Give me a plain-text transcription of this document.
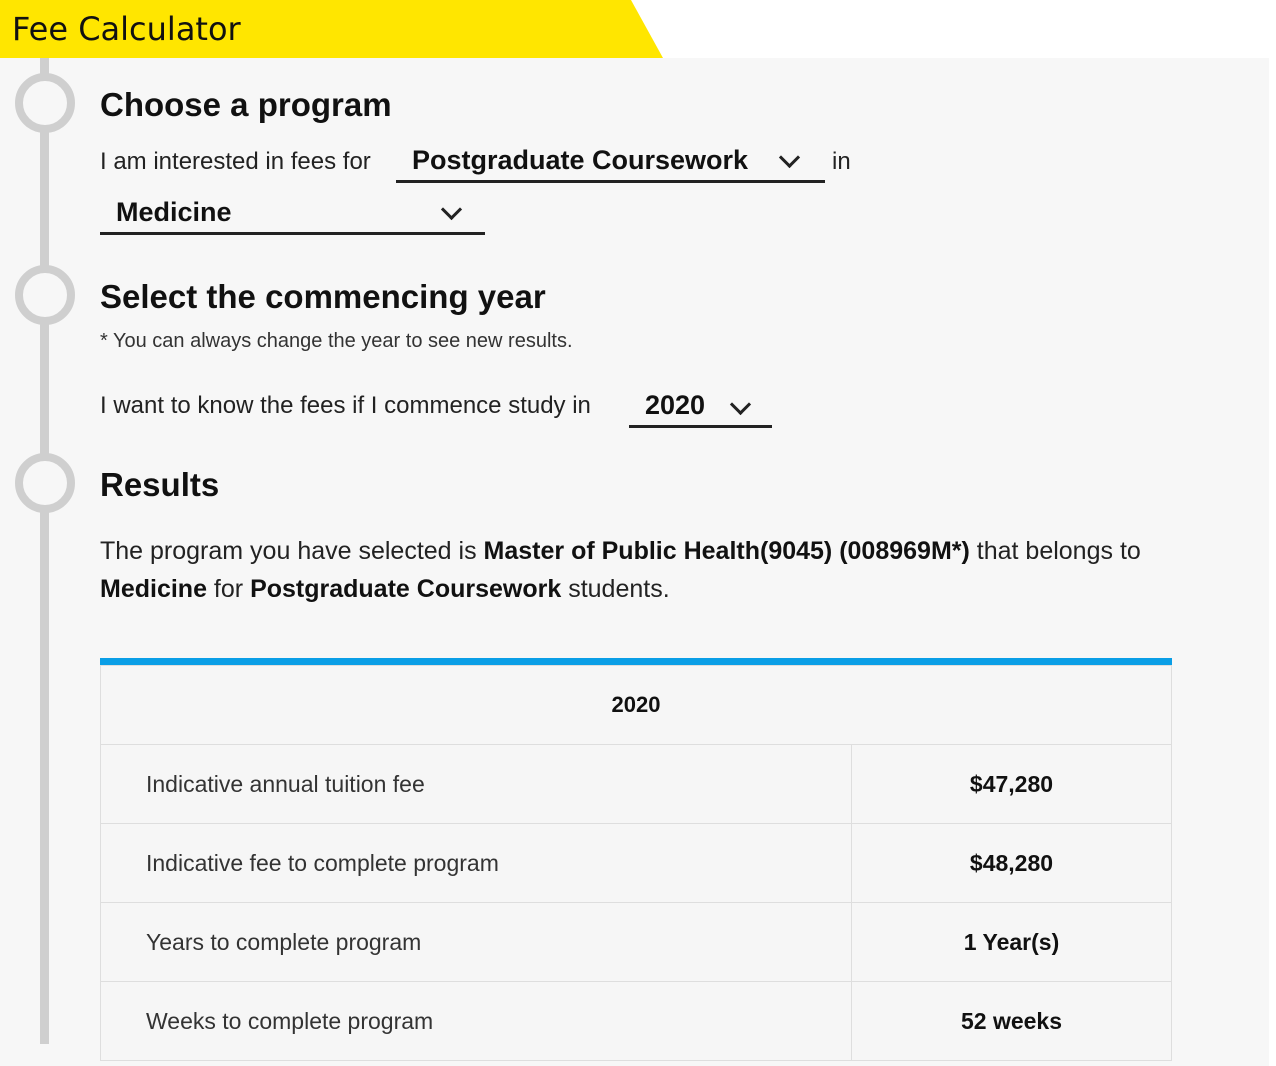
Fee Calculator
Choose a program
I am interested in fees for Postgraduate Coursework	in
Medicine
Select the commencing year
* You can always change the year to see new results.
I want to know the fees if I commence study in 2020
Results
The program you have selected is Master of Public Health(9045) (008969M*) that belongs to
Medicine for Postgraduate Coursework students.
2020	
Indicative annual tuition fee	$47,280
Indicative fee to complete program	$48,280
Years to complete program	1 Year(s)
Weeks to complete program	52 weeks
